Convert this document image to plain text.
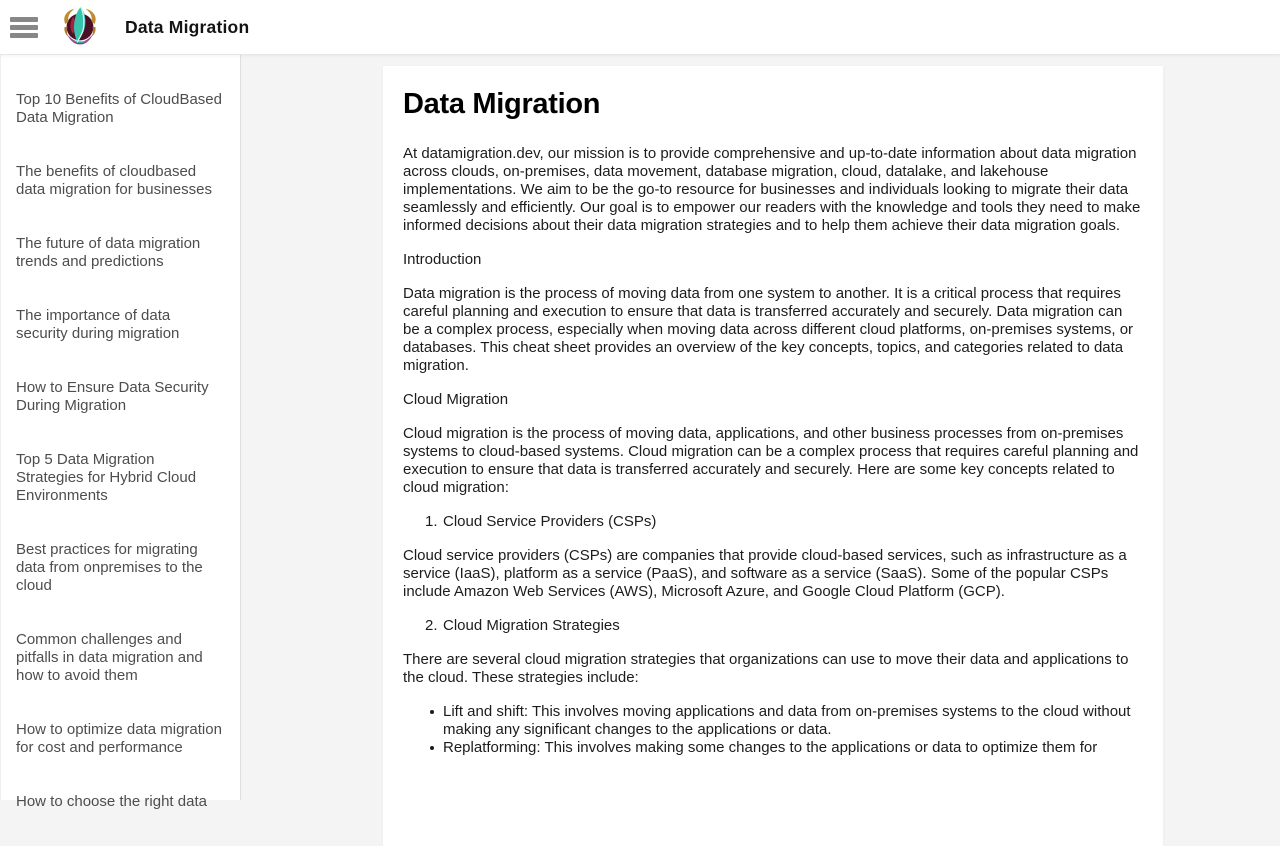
Data Migration
Top 10 Benefits of CloudBased Data Migration
The benefits of cloudbased data migration for businesses
The future of data migration trends and predictions
The importance of data security during migration
How to Ensure Data Security During Migration
Top 5 Data Migration Strategies for Hybrid Cloud Environments
Best practices for migrating data from onpremises to the cloud
Common challenges and pitfalls in data migration and how to avoid them
How to optimize data migration for cost and performance
How to choose the right data
Data Migration

At datamigration.dev, our mission is to provide comprehensive and up-to-date information about data migration across clouds, on-premises, data movement, database migration, cloud, datalake, and lakehouse implementations. We aim to be the go-to resource for businesses and individuals looking to migrate their data seamlessly and efficiently. Our goal is to empower our readers with the knowledge and tools they need to make informed decisions about their data migration strategies and to help them achieve their data migration goals.

Introduction

Data migration is the process of moving data from one system to another. It is a critical process that requires careful planning and execution to ensure that data is transferred accurately and securely. Data migration can be a complex process, especially when moving data across different cloud platforms, on-premises systems, or databases. This cheat sheet provides an overview of the key concepts, topics, and categories related to data migration.

Cloud Migration

Cloud migration is the process of moving data, applications, and other business processes from on-premises systems to cloud-based systems. Cloud migration can be a complex process that requires careful planning and execution to ensure that data is transferred accurately and securely. Here are some key concepts related to cloud migration:

1. Cloud Service Providers (CSPs)

Cloud service providers (CSPs) are companies that provide cloud-based services, such as infrastructure as a service (IaaS), platform as a service (PaaS), and software as a service (SaaS). Some of the popular CSPs include Amazon Web Services (AWS), Microsoft Azure, and Google Cloud Platform (GCP).

2. Cloud Migration Strategies

There are several cloud migration strategies that organizations can use to move their data and applications to the cloud. These strategies include:

Lift and shift: This involves moving applications and data from on-premises systems to the cloud without making any significant changes to the applications or data.
Replatforming: This involves making some changes to the applications or data to optimize them for
